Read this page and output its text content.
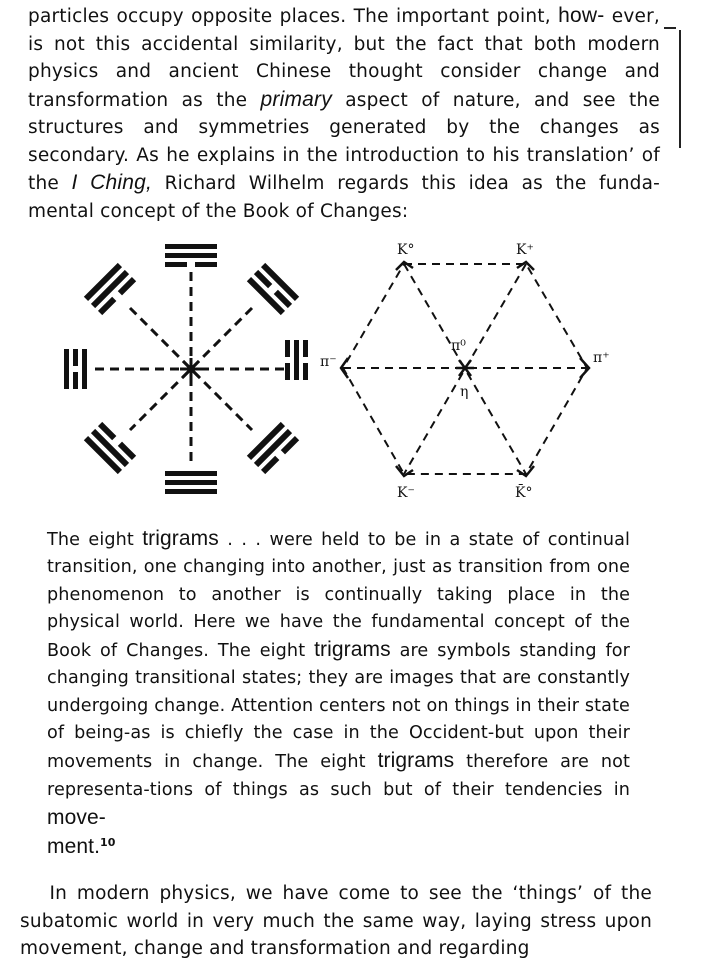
particles occupy opposite places. The important point, how- ever, is not this accidental similarity, but the fact that both modern physics and ancient Chinese thought consider change and transformation as the primary aspect of nature, and see the structures and symmetries generated by the changes as secondary. As he explains in the introduction to his translation’ of the I Ching, Richard Wilhelm regards this idea as the funda- mental concept of the Book of Changes:
K°	K⁺
π⁻	π⁺
π⁰
η
K⁻	K̄°
The eight trigrams . . . were held to be in a state of continual transition, one changing into another, just as transition from one phenomenon to another is continually taking place in the physical world. Here we have the fundamental concept of the Book of Changes. The eight trigrams are symbols standing for changing transitional states; they are images that are constantly undergoing change. Attention centers not on things in their state of being-as is chiefly the case in the Occident-but upon their movements in change. The eight trigrams therefore are not representa-tions of things as such but of their tendencies in move-
ment.$^{10}$
In modern physics, we have come to see the ‘things’ of the subatomic world in very much the same way, laying stress upon movement, change and transformation and regarding
